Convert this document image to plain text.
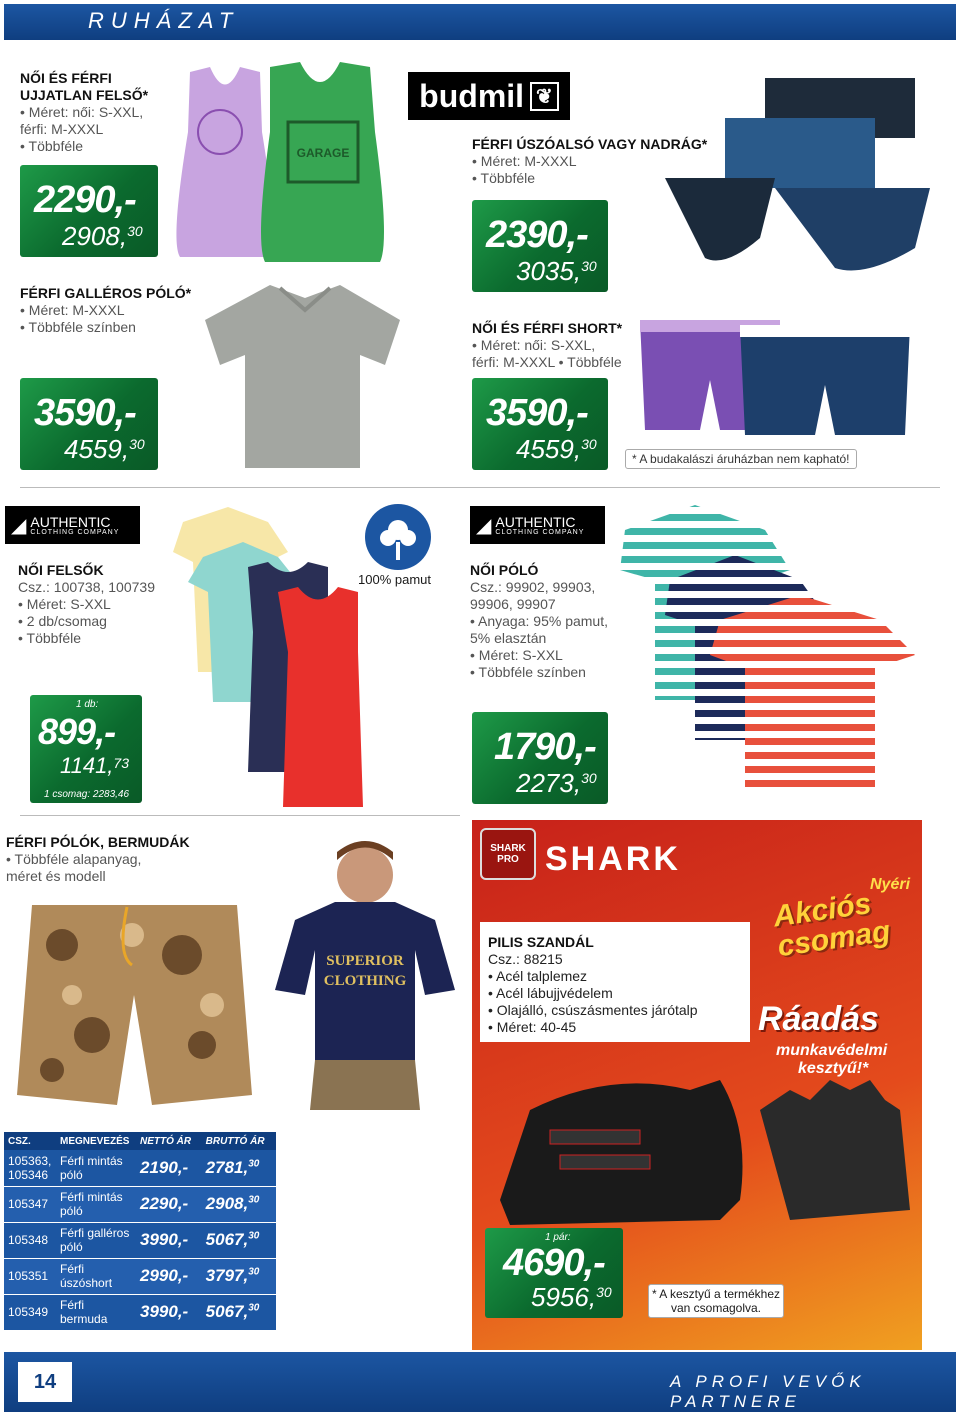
RUHÁZAT
NŐI ÉS FÉRFI
UJJATLAN FELSŐ*
• Méret: női: S-XXL,
férfi: M-XXXL
• Többféle
2290,-
2908,30
GARAGE
FÉRFI GALLÉROS PÓLÓ*
• Méret: M-XXXL
• Többféle színben
3590,-
4559,30
budmil ❦
FÉRFI ÚSZÓALSÓ VAGY NADRÁG*
• Méret: M-XXXL
• Többféle
2390,-
3035,30
NŐI ÉS FÉRFI SHORT*
• Méret: női: S-XXL,
férfi: M-XXXL • Többféle
3590,-
4559,30
* A budakalászi áruházban nem kapható!
◢ AUTHENTIC
CLOTHING COMPANY
NŐI FELSŐK
Csz.: 100738, 100739
• Méret: S-XXL
• 2 db/csomag
• Többféle
1 db:
899,-
1141,73
1 csomag: 2283,46
100% pamut
◢ AUTHENTIC
CLOTHING COMPANY
NŐI PÓLÓ
Csz.: 99902, 99903,
99906, 99907
• Anyaga: 95% pamut,
5% elasztán
• Méret: S-XXL
• Többféle színben
1790,-
2273,30
FÉRFI PÓLÓK, BERMUDÁK
• Többféle alapanyag,
méret és modell
SUPERIOR
CLOTHING
SHARK PRO SHARK
Nyéri
Akciós csomag
PILIS SZANDÁL
Csz.: 88215
• Acél talplemez
• Acél lábujjvédelem
• Olajálló, csúszásmentes járótalp
• Méret: 40-45	Ráadás
munkavédelmi
kesztyű!*
1 pár:
4690,-
5956,30	* A kesztyű a termékhez
van csomagolva.
CSZ.	MEGNEVEZÉS	NETTÓ ÁR	BRUTTÓ ÁR
105363, 105346	Férfi mintás póló	2190,-	2781,30
105347	Férfi mintás póló	2290,-	2908,30
105348	Férfi galléros póló	3990,-	5067,30
105351	Férfi úszóshort	2990,-	3797,30
105349	Férfi bermuda	3990,-	5067,30
14	A PROFI VEVŐK PARTNERE
